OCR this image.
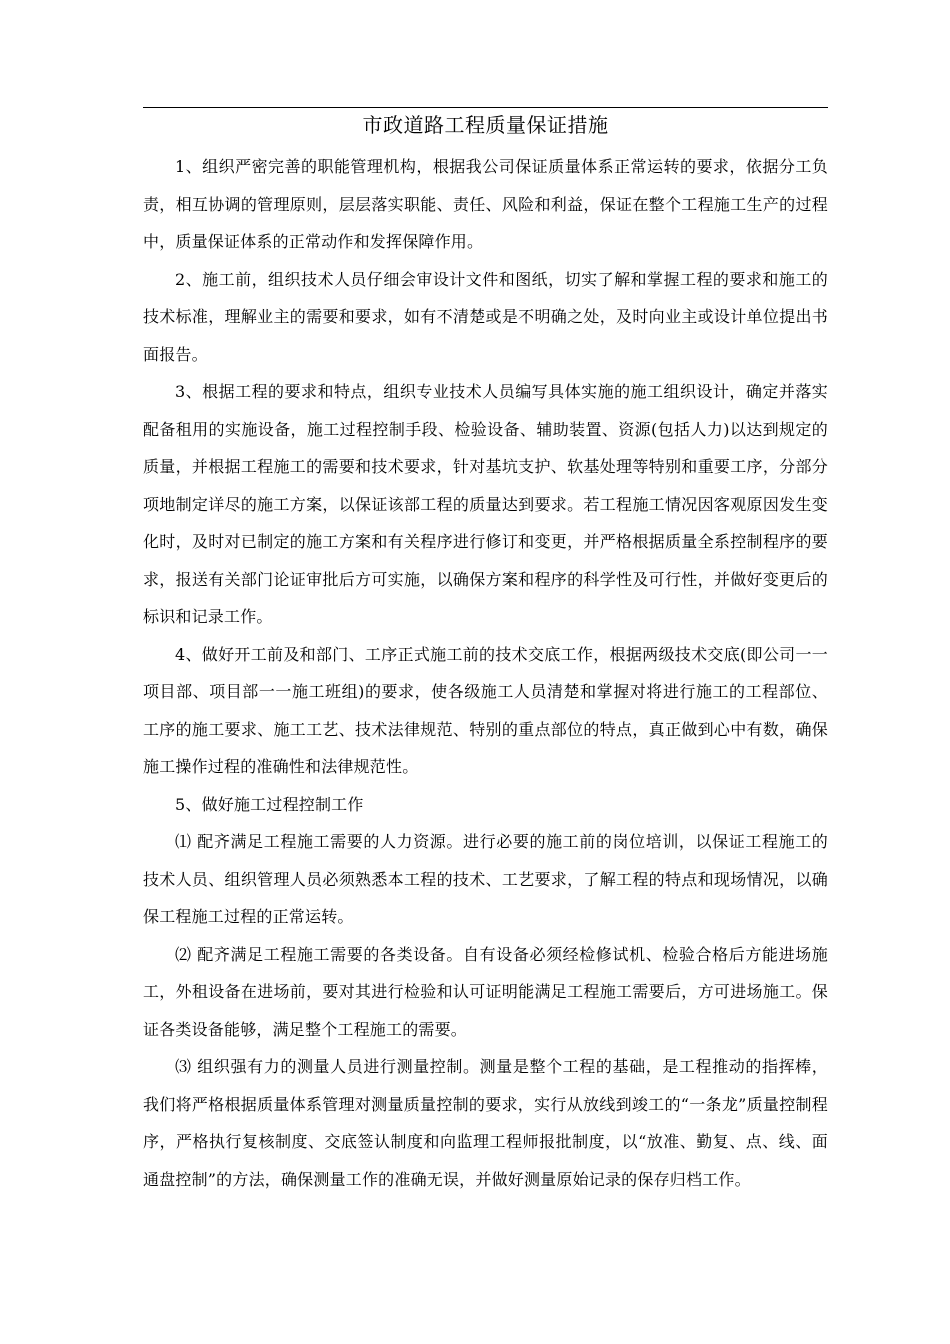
市政道路工程质量保证措施

1、组织严密完善的职能管理机构，根据我公司保证质量体系正常运转的要求，依据分工负责，相互协调的管理原则，层层落实职能、责任、风险和利益，保证在整个工程施工生产的过程中，质量保证体系的正常动作和发挥保障作用。

2、施工前，组织技术人员仔细会审设计文件和图纸，切实了解和掌握工程的要求和施工的技术标准，理解业主的需要和要求，如有不清楚或是不明确之处，及时向业主或设计单位提出书面报告。

3、根据工程的要求和特点，组织专业技术人员编写具体实施的施工组织设计，确定并落实配备租用的实施设备，施工过程控制手段、检验设备、辅助装置、资源(包括人力)以达到规定的质量，并根据工程施工的需要和技术要求，针对基坑支护、软基处理等特别和重要工序，分部分项地制定详尽的施工方案，以保证该部工程的质量达到要求。若工程施工情况因客观原因发生变化时，及时对已制定的施工方案和有关程序进行修订和变更，并严格根据质量全系控制程序的要求，报送有关部门论证审批后方可实施，以确保方案和程序的科学性及可行性，并做好变更后的标识和记录工作。

4、做好开工前及和部门、工序正式施工前的技术交底工作，根据两级技术交底(即公司一一项目部、项目部一一施工班组)的要求，使各级施工人员清楚和掌握对将进行施工的工程部位、工序的施工要求、施工工艺、技术法律规范、特别的重点部位的特点，真正做到心中有数，确保施工操作过程的准确性和法律规范性。

5、做好施工过程控制工作

⑴ 配齐满足工程施工需要的人力资源。进行必要的施工前的岗位培训，以保证工程施工的技术人员、组织管理人员必须熟悉本工程的技术、工艺要求，了解工程的特点和现场情况，以确保工程施工过程的正常运转。

⑵ 配齐满足工程施工需要的各类设备。自有设备必须经检修试机、检验合格后方能进场施工，外租设备在进场前，要对其进行检验和认可证明能满足工程施工需要后，方可进场施工。保证各类设备能够，满足整个工程施工的需要。

⑶ 组织强有力的测量人员进行测量控制。测量是整个工程的基础，是工程推动的指挥棒，我们将严格根据质量体系管理对测量质量控制的要求，实行从放线到竣工的“一条龙”质量控制程序，严格执行复核制度、交底签认制度和向监理工程师报批制度，以“放准、勤复、点、线、面通盘控制”的方法，确保测量工作的准确无误，并做好测量原始记录的保存归档工作。
